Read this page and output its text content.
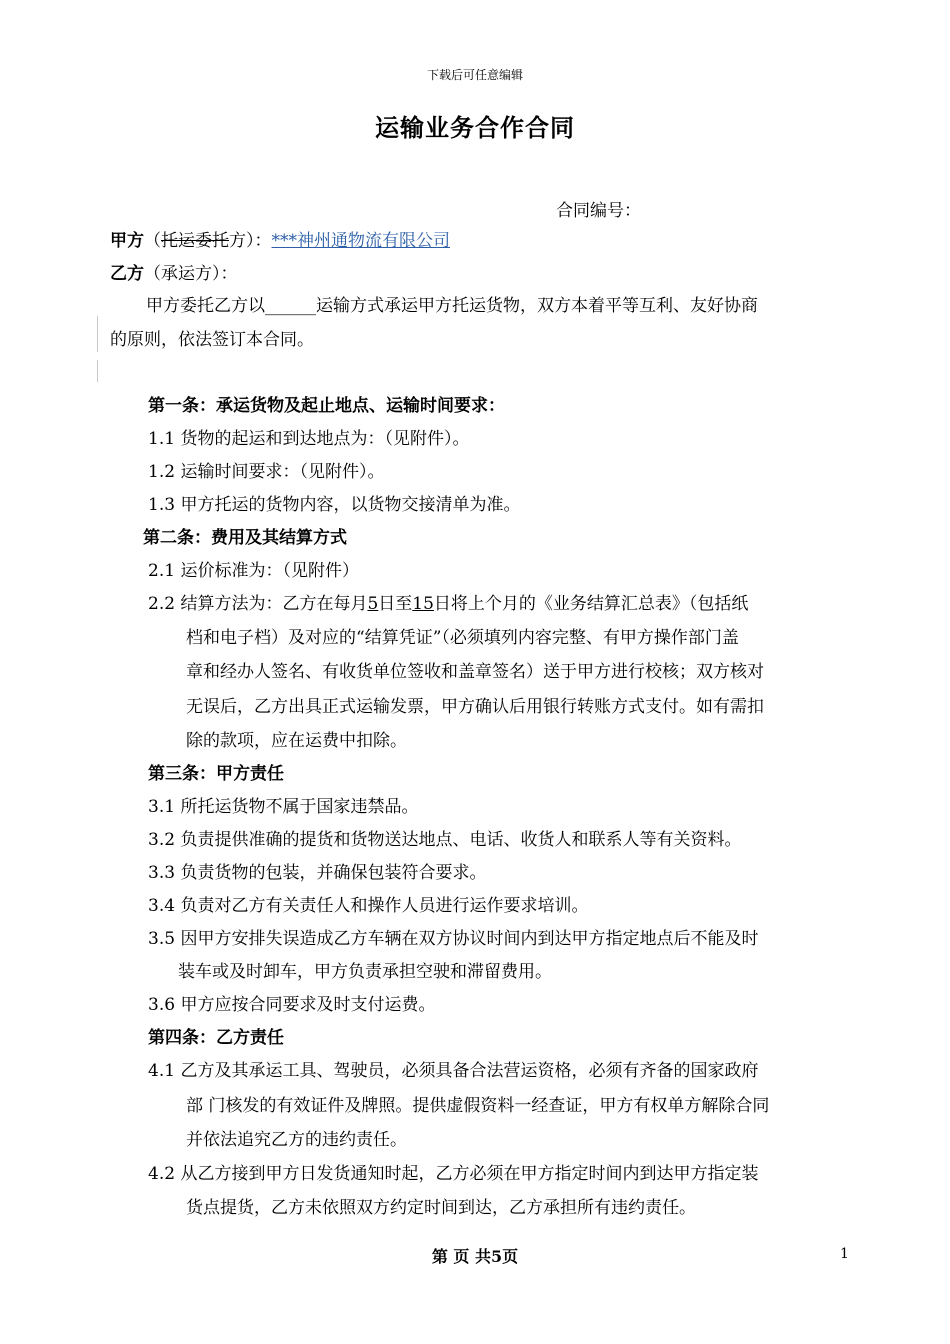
下载后可任意编辑
运输业务合作合同
合同编号：
甲方（托运委托方）：***神州通物流有限公司
乙方（承运方）：
甲方委托乙方以______运输方式承运甲方托运货物，双方本着平等互利、友好协商
的原则，依法签订本合同。
第一条：承运货物及起止地点、运输时间要求：
1.1 货物的起运和到达地点为：（见附件）。
1.2 运输时间要求：（见附件）。
1.3 甲方托运的货物内容，以货物交接清单为准。
第二条：费用及其结算方式
2.1 运价标准为：（见附件）
2.2 结算方法为：乙方在每月5日至15日将上个月的《业务结算汇总表》（包括纸
档和电子档）及对应的“结算凭证”（必须填列内容完整、有甲方操作部门盖
章和经办人签名、有收货单位签收和盖章签名）送于甲方进行校核；双方核对
无误后，乙方出具正式运输发票，甲方确认后用银行转账方式支付。如有需扣
除的款项，应在运费中扣除。
第三条：甲方责任
3.1 所托运货物不属于国家违禁品。
3.2 负责提供准确的提货和货物送达地点、电话、收货人和联系人等有关资料。
3.3 负责货物的包装，并确保包装符合要求。
3.4 负责对乙方有关责任人和操作人员进行运作要求培训。
3.5 因甲方安排失误造成乙方车辆在双方协议时间内到达甲方指定地点后不能及时
装车或及时卸车，甲方负责承担空驶和滞留费用。
3.6 甲方应按合同要求及时支付运费。
第四条：乙方责任
4.1 乙方及其承运工具、驾驶员，必须具备合法营运资格，必须有齐备的国家政府
部 门核发的有效证件及牌照。提供虚假资料一经查证，甲方有权单方解除合同
并依法追究乙方的违约责任。
4.2 从乙方接到甲方日发货通知时起，乙方必须在甲方指定时间内到达甲方指定装
货点提货，乙方未依照双方约定时间到达，乙方承担所有违约责任。
第 页 共5页	1
